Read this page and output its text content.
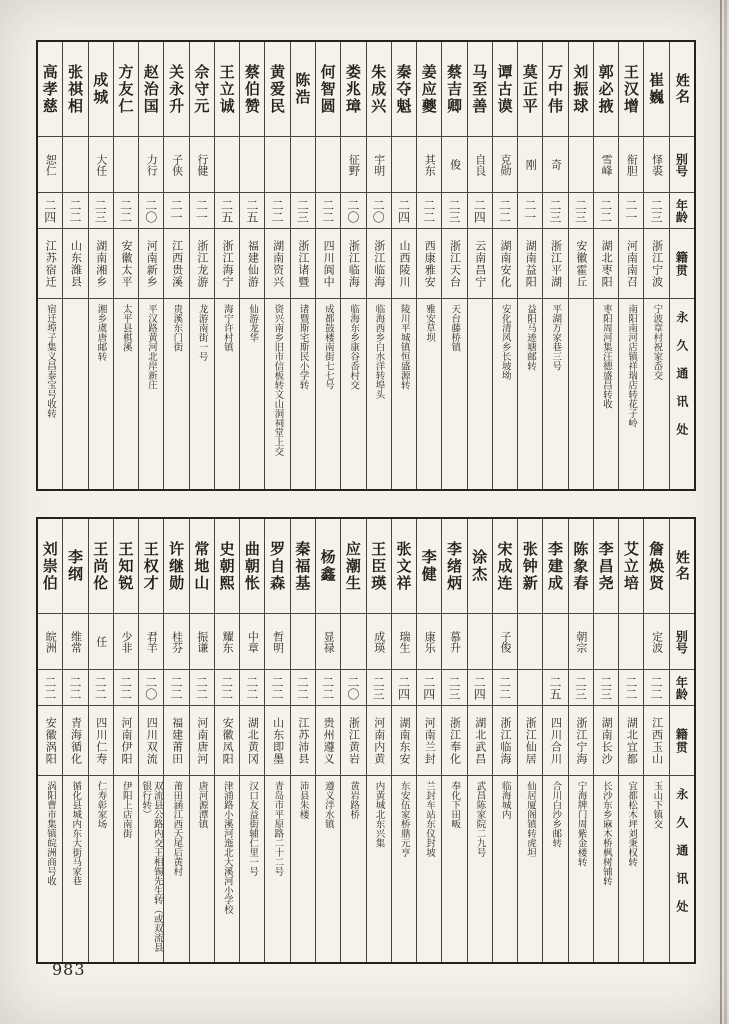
姓名
别号
年龄
籍贯
永久通讯处
崔巍
怿裘
二三
浙江宁波
宁波章村祝家岙交
王汉增
衔胆
二一
河南南召
南阳南河店镇祥瑞店转花子岭
郭必掖
雪峰
二二
湖北枣阳
枣阳周河集汪德盛昌转收
刘振球
二三
安徽霍丘
万中伟
奇
二三
浙江平湖
平湖万家巷三号
莫正平
刚
二一
湖南益阳
益阳马迹塘邮转
谭古谟
克勋
二二
湖南安化
安化清风乡长坡坳
马至善
自良
二四
云南昌宁
蔡吉卿
俊
二三
浙江天台
天台藤桥镇
姜应夔
其东
二二
西康雅安
雅安草坝
秦夺魁
二四
山西陵川
陵川平城镇恒盛源转
朱成兴
宇明
二〇
浙江临海
临海西乡白水洋转埠头
娄兆璋
征野
二〇
浙江临海
临海东乡康谷岙村交
何智圆
二二
四川阆中
成都鼓楼南街七七号
陈浩
二三
浙江诸暨
诸暨斯宅斯民小学转
黄爱民
二二
湖南资兴
资兴南乡旧市信板转文山洞祠堂上交
蔡伯赞
二五
福建仙游
仙游龙华
王立诚
二五
浙江海宁
海宁许村镇
佘守元
行健
二一
浙江龙游
龙游南街一号
关永升
子侠
二一
江西贵溪
贵溪东门街
赵治国
力行
二〇
河南新乡
平汉路黄河北岸新庄
方友仁
二二
安徽太平
太平县棋溪
成城
大任
二三
湖南湘乡
湘乡虞唐邮转
张祺相
二二
山东潍县
高孝慈
恕仁
二四
江苏宿迁
宿迁埠子集义昌泰宝号收转
姓名
别号
年龄
籍贯
永久通讯处
詹焕贤
定波
二二
江西玉山
玉山下镇交
艾立培
二二
湖北宜都
宜都松木坪刘秉权转
李昌尧
二三
湖南长沙
长沙东乡麻木桥枫树铺转
陈象春
朝宗
二三
浙江宁海
宁海牌门周紫金楼转
李建成
二五
四川合川
合川白沙乡邮转
张钟新
浙江仙居
仙居厦阁镇转虎坦
宋成连
子俊
二二
浙江临海
临海城内
涂杰
二四
湖北武昌
武昌陈家院二九号
李绪炳
慕升
二三
浙江奉化
奉化下田畈
李健
康乐
二四
河南兰封
兰封车站东仪封坡
张文祥
瑞生
二四
湖南东安
东安伍家桥鼎元亨
王臣瑛
成瑛
二三
河南内黄
内黄城北东兴集
应潮生
二〇
浙江黄岩
黄岩路桥
杨鑫
显禄
二二
贵州遵义
遵义泮水镇
秦福基
二二
江苏沛县
沛县朱楼
罗自森
哲明
二二
山东即墨
青岛市平原路二十二号
曲朝怅
中章
二二
湖北黄冈
汉口友益街辅仁里一号
史朝熙
耀东
二二
安徽凤阳
津浦路小溪河迤北大溪河小学校
常地山
振谦
二二
河南唐河
唐河源潭镇
许继勋
桂芬
二二
福建莆田
莆田涵江西天尾后黄村
王权才
君羊
二〇
四川双流
双流县公路内交王相锡先生转（或双流县银行转）
王知锐
少非
二二
河南伊阳
伊阳上店南街
王尚伦
任
二二
四川仁寿
仁寿彰家场
李纲
维常
二二
青海循化
循化县城内东大街马家巷
刘崇伯
皖洲
二二
安徽涡阳
涡阳曹市集镇皖洲商号收
983
